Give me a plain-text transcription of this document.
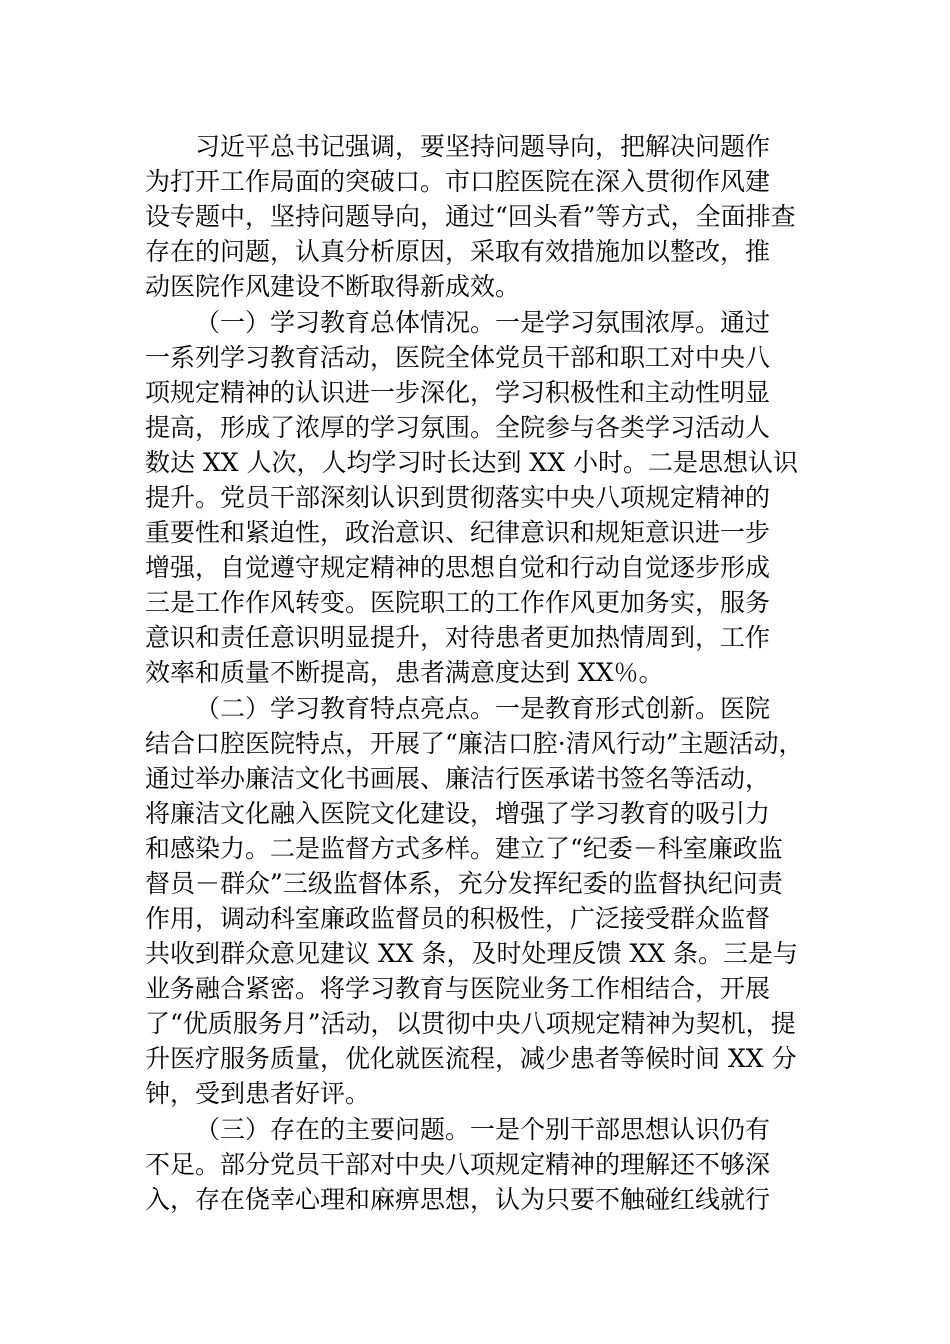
习近平总书记强调，要坚持问题导向，把解决问题作
为打开工作局面的突破口。市口腔医院在深入贯彻作风建
设专题中，坚持问题导向，通过“回头看”等方式，全面排查
存在的问题，认真分析原因，采取有效措施加以整改，推
动医院作风建设不断取得新成效。
（一）学习教育总体情况。一是学习氛围浓厚。通过
一系列学习教育活动，医院全体党员干部和职工对中央八
项规定精神的认识进一步深化，学习积极性和主动性明显
提高，形成了浓厚的学习氛围。全院参与各类学习活动人
数达 XX 人次，人均学习时长达到 XX 小时。二是思想认识
提升。党员干部深刻认识到贯彻落实中央八项规定精神的
重要性和紧迫性，政治意识、纪律意识和规矩意识进一步
增强，自觉遵守规定精神的思想自觉和行动自觉逐步形成
三是工作作风转变。医院职工的工作作风更加务实，服务
意识和责任意识明显提升，对待患者更加热情周到，工作
效率和质量不断提高，患者满意度达到 XX％。
（二）学习教育特点亮点。一是教育形式创新。医院
结合口腔医院特点，开展了“廉洁口腔·清风行动”主题活动，
通过举办廉洁文化书画展、廉洁行医承诺书签名等活动，
将廉洁文化融入医院文化建设，增强了学习教育的吸引力
和感染力。二是监督方式多样。建立了“纪委－科室廉政监
督员－群众”三级监督体系，充分发挥纪委的监督执纪问责
作用，调动科室廉政监督员的积极性，广泛接受群众监督
共收到群众意见建议 XX 条，及时处理反馈 XX 条。三是与
业务融合紧密。将学习教育与医院业务工作相结合，开展
了“优质服务月”活动，以贯彻中央八项规定精神为契机，提
升医疗服务质量，优化就医流程，减少患者等候时间 XX 分
钟，受到患者好评。
（三）存在的主要问题。一是个别干部思想认识仍有
不足。部分党员干部对中央八项规定精神的理解还不够深
入，存在侥幸心理和麻痹思想，认为只要不触碰红线就行
